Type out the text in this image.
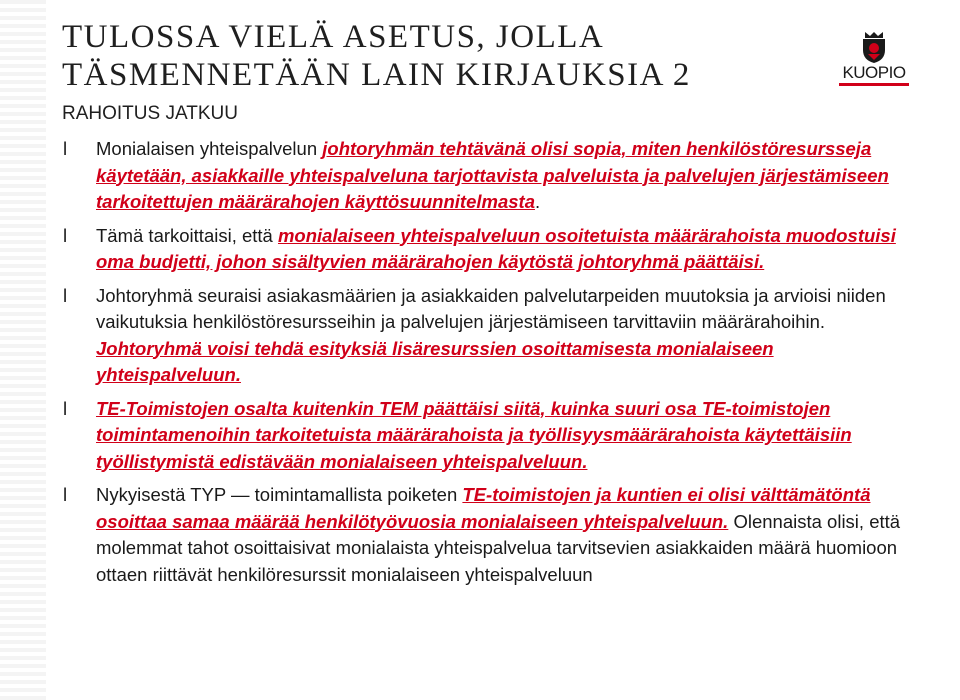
TULOSSA VIELÄ ASETUS, JOLLA
TÄSMENNETÄÄN LAIN KIRJAUKSIA 2
RAHOITUS JATKUU
KUOPIO
l Monialaisen yhteispalvelun johtoryhmän tehtävänä olisi sopia, miten henkilöstöresursseja käytetään, asiakkaille yhteispalveluna tarjottavista palveluista ja palvelujen järjestämiseen tarkoitettujen määrärahojen käyttösuunnitelmasta.
l Tämä tarkoittaisi, että monialaiseen yhteispalveluun osoitetuista määrärahoista muodostuisi oma budjetti, johon sisältyvien määrärahojen käytöstä johtoryhmä päättäisi.
l Johtoryhmä seuraisi asiakasmäärien ja asiakkaiden palvelutarpeiden muutoksia ja arvioisi niiden vaikutuksia henkilöstöresursseihin ja palvelujen järjestämiseen tarvittaviin määrärahoihin. Johtoryhmä voisi tehdä esityksiä lisäresurssien osoittamisesta monialaiseen yhteispalveluun.
l TE-Toimistojen osalta kuitenkin TEM päättäisi siitä, kuinka suuri osa TE-toimistojen toimintamenoihin tarkoitetuista määrärahoista ja työllisyysmäärärahoista käytettäisiin työllistymistä edistävään monialaiseen yhteispalveluun.
l Nykyisestä TYP — toimintamallista poiketen TE-toimistojen ja kuntien ei olisi välttämätöntä osoittaa samaa määrää henkilötyövuosia monialaiseen yhteispalveluun. Olennaista olisi, että molemmat tahot osoittaisivat monialaista yhteispalvelua tarvitsevien asiakkaiden määrä huomioon ottaen riittävät henkilöresurssit monialaiseen yhteispalveluun
